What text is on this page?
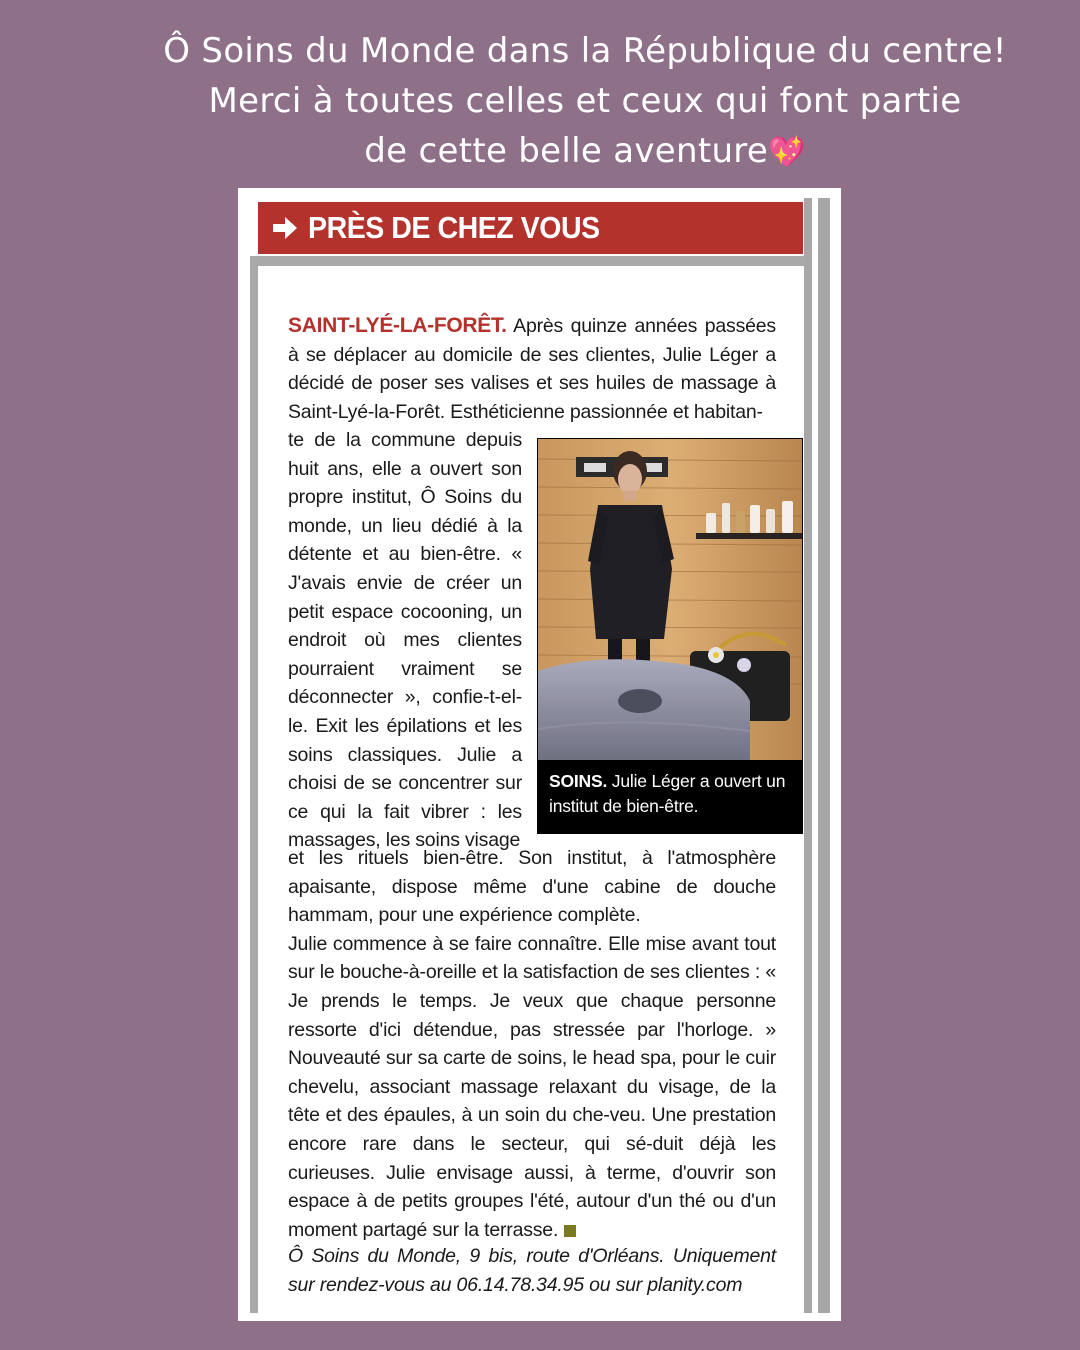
Ô Soins du Monde dans la République du centre!
Merci à toutes celles et ceux qui font partie
de cette belle aventure💖
PRÈS DE CHEZ VOUS

SAINT-LYÉ-LA-FORÊT. Après quinze années passées à se déplacer au domicile de ses clientes, Julie Léger a décidé de poser ses valises et ses huiles de massage à Saint-Lyé-la-Forêt. Esthéticienne passionnée et habitan-

te de la commune depuis huit ans, elle a ouvert son propre institut, Ô Soins du monde, un lieu dédié à la détente et au bien-être. « J'avais envie de créer un petit espace cocooning, un endroit où mes clientes pourraient vraiment se déconnecter », confie-t-el-le. Exit les épilations et les soins classiques. Julie a choisi de se concentrer sur ce qui la fait vibrer : les massages, les soins visage

SOINS. Julie Léger a ouvert un institut de bien-être.

et les rituels bien-être. Son institut, à l'atmosphère apaisante, dispose même d'une cabine de douche hammam, pour une expérience complète.
Julie commence à se faire connaître. Elle mise avant tout sur le bouche-à-oreille et la satisfaction de ses clientes : « Je prends le temps. Je veux que chaque personne ressorte d'ici détendue, pas stressée par l'horloge. » Nouveauté sur sa carte de soins, le head spa, pour le cuir chevelu, associant massage relaxant du visage, de la tête et des épaules, à un soin du che-veu. Une prestation encore rare dans le secteur, qui sé-duit déjà les curieuses. Julie envisage aussi, à terme, d'ouvrir son espace à de petits groupes l'été, autour d'un thé ou d'un moment partagé sur la terrasse.

Ô Soins du Monde, 9 bis, route d'Orléans. Uniquement sur rendez-vous au 06.14.78.34.95 ou sur planity.com
